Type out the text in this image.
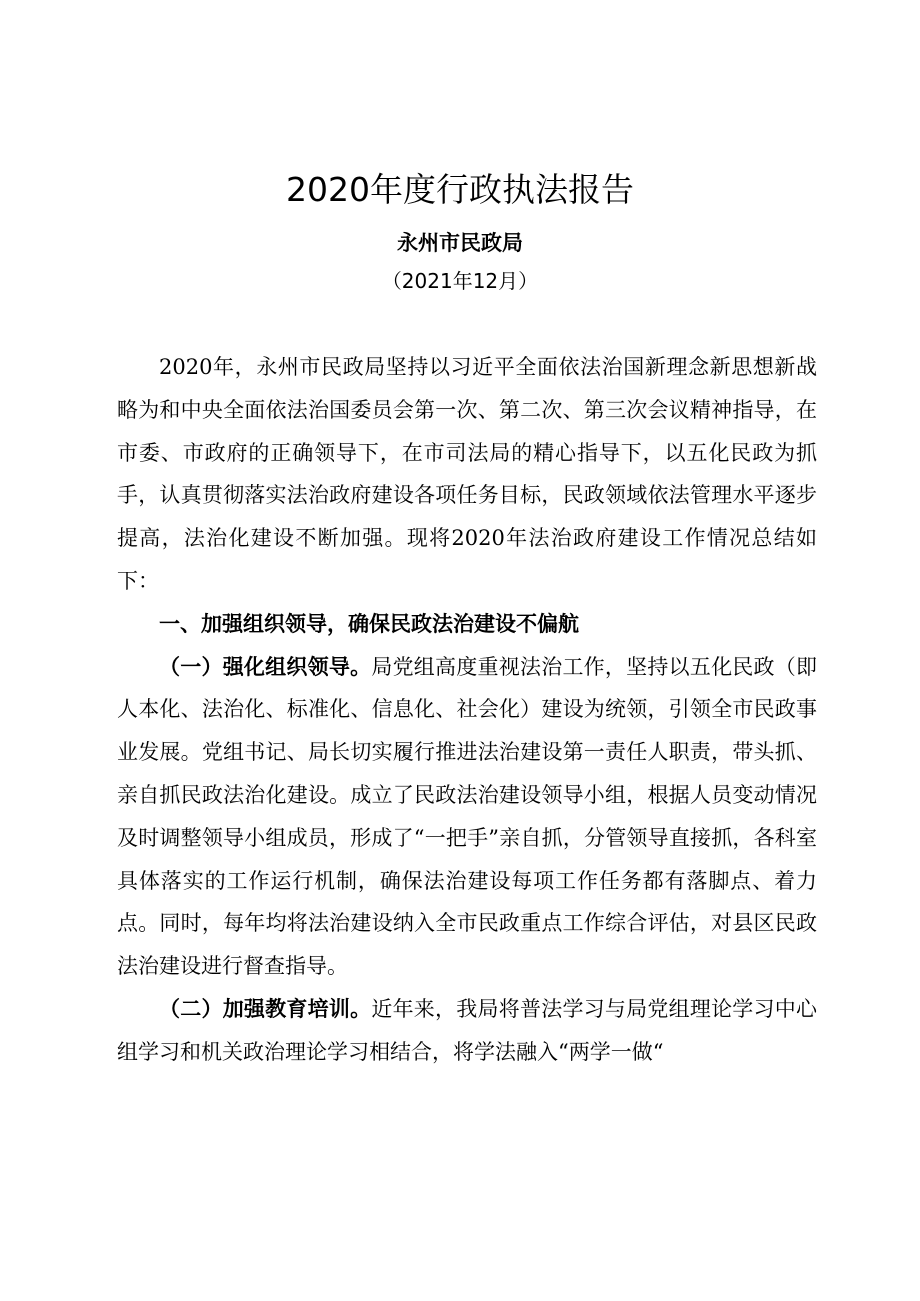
2020年度行政执法报告
永州市民政局
（2021年12月）

2020年，永州市民政局坚持以习近平全面依法治国新理念新思想新战略为和中央全面依法治国委员会第一次、第二次、第三次会议精神指导，在市委、市政府的正确领导下，在市司法局的精心指导下，以五化民政为抓手，认真贯彻落实法治政府建设各项任务目标，民政领域依法管理水平逐步提高，法治化建设不断加强。现将2020年法治政府建设工作情况总结如下：

一、加强组织领导，确保民政法治建设不偏航

（一）强化组织领导。局党组高度重视法治工作，坚持以五化民政（即人本化、法治化、标准化、信息化、社会化）建设为统领，引领全市民政事业发展。党组书记、局长切实履行推进法治建设第一责任人职责，带头抓、亲自抓民政法治化建设。成立了民政法治建设领导小组，根据人员变动情况及时调整领导小组成员，形成了“一把手”亲自抓，分管领导直接抓，各科室具体落实的工作运行机制，确保法治建设每项工作任务都有落脚点、着力点。同时，每年均将法治建设纳入全市民政重点工作综合评估，对县区民政法治建设进行督查指导。

（二）加强教育培训。近年来，我局将普法学习与局党组理论学习中心组学习和机关政治理论学习相结合，将学法融入“两学一做“
